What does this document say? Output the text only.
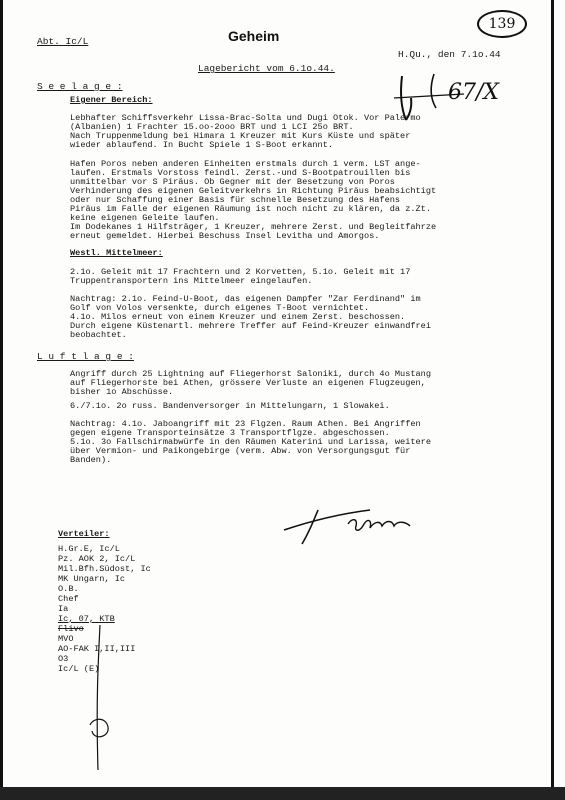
Abt. Ic/L	Geheim

H.Qu., den 7.1o.44

139

Lagebericht vom 6.1o.44.

67/X

S e e l a g e :

Eigener Bereich:

Lebhafter Schiffsverkehr Lissa-Brac-Solta und Dugi Otok. Vor Palermo

(Albanien) 1 Frachter 15.oo-2ooo BRT und 1 LCI 25o BRT.

Nach Truppenmeldung bei Himara 1 Kreuzer mit Kurs Küste und später

wieder ablaufend. In Bucht Spiele 1 S-Boot erkannt.

Hafen Poros neben anderen Einheiten erstmals durch 1 verm. LST ange-

laufen. Erstmals Vorstoss feindl. Zerst.-und S-Bootpatrouillen bis

unmittelbar vor S Piräus. Ob Gegner mit der Besetzung von Poros

Verhinderung des eigenen Geleitverkehrs in Richtung Piräus beabsichtigt

oder nur Schaffung einer Basis für schnelle Besetzung des Hafens

Piräus im Falle der eigenen Räumung ist noch nicht zu klären, da z.Zt.

keine eigenen Geleite laufen.

Im Dodekanes 1 Hilfsträger, 1 Kreuzer, mehrere Zerst. und Begleitfahrze

erneut gemeldet. Hierbei Beschuss Insel Levitha und Amorgos.

Westl. Mittelmeer:

2.1o. Geleit mit 17 Frachtern und 2 Korvetten, 5.1o. Geleit mit 17

Truppentransportern ins Mittelmeer eingelaufen.

Nachtrag: 2.1o. Feind-U-Boot, das eigenen Dampfer "Zar Ferdinand" im

Golf von Volos versenkte, durch eigenes T-Boot vernichtet.

4.1o. Milos erneut von einem Kreuzer und einem Zerst. beschossen.

Durch eigene Küstenartl. mehrere Treffer auf Feind-Kreuzer einwandfrei

beobachtet.

L u f t l a g e :

Angriff durch 25 Lightning auf Fliegerhorst Saloniki, durch 4o Mustang

auf Fliegerhorste bei Athen, grössere Verluste an eigenen Flugzeugen,

bisher 1o Abschüsse.

6./7.1o. 2o russ. Bandenversorger in Mittelungarn, 1 Slowakei.

Nachtrag: 4.1o. Jaboangriff mit 23 Flgzen. Raum Athen. Bei Angriffen

gegen eigene Transporteinsätze 3 Transportflgze. abgeschossen.

5.1o. 3o Fallschirmabwürfe in den Räumen Katerini und Larissa, weitere

über Vermion- und Paikongebirge (verm. Abw. von Versorgungsgut für

Banden).

Verteiler:

H.Gr.E, Ic/L

Pz. AOK 2, Ic/L

Mil.Bfh.Südost, Ic

MK Ungarn, Ic

O.B.

Chef

Ia

Ic, 07, KTB

Flivo

MVO

AO-FAK I,II,III

O3

Ic/L (E)
